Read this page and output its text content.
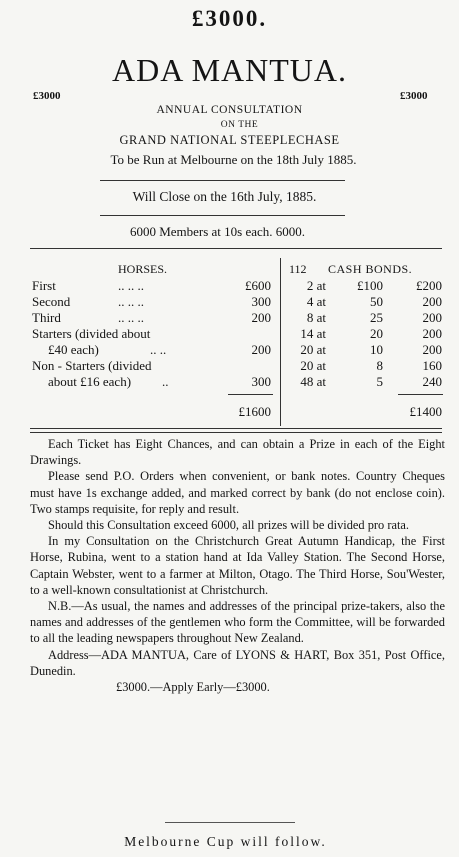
£3000.
ADA MANTUA.
£3000	£3000
ANNUAL CONSULTATION
ON THE
GRAND NATIONAL STEEPLECHASE
To be Run at Melbourne on the 18th July 1885.
Will Close on the 16th July, 1885.
6000 Members at 10s each. 6000.
HORSES.	112 CASH BONDS.
First	.. .. ..	£600	2 at £100	£200
Second	.. .. ..	300	4 at	50	200
Third	.. .. ..	200	8 at	25	200
Starters (divided about	14 at	20	200
£40 each)	.. ..	200 20 at	10	200
Non - Starters (divided	20 at	8	160
about £16 each) ..	300 48 at	5	240
£1600	£1400

Each Ticket has Eight Chances, and can obtain a Prize in each of the Eight Drawings.

Please send P.O. Orders when convenient, or bank notes. Country Cheques must have 1s exchange added, and marked correct by bank (do not enclose coin). Two stamps requisite, for reply and result.

Should this Consultation exceed 6000, all prizes will be divided pro rata.

In my Consultation on the Christchurch Great Autumn Handicap, the First Horse, Rubina, went to a station hand at Ida Valley Station. The Second Horse, Captain Webster, went to a farmer at Milton, Otago. The Third Horse, Sou'Wester, to a well-known consultationist at Christchurch.

N.B.—As usual, the names and addresses of the principal prize-takers, also the names and addresses of the gentlemen who form the Committee, will be forwarded to all the leading newspapers throughout New Zealand.

Address—ADA MANTUA, Care of LYONS & HART, Box 351, Post Office, Dunedin.

£3000.—Apply Early—£3000.

Melbourne Cup will follow.
